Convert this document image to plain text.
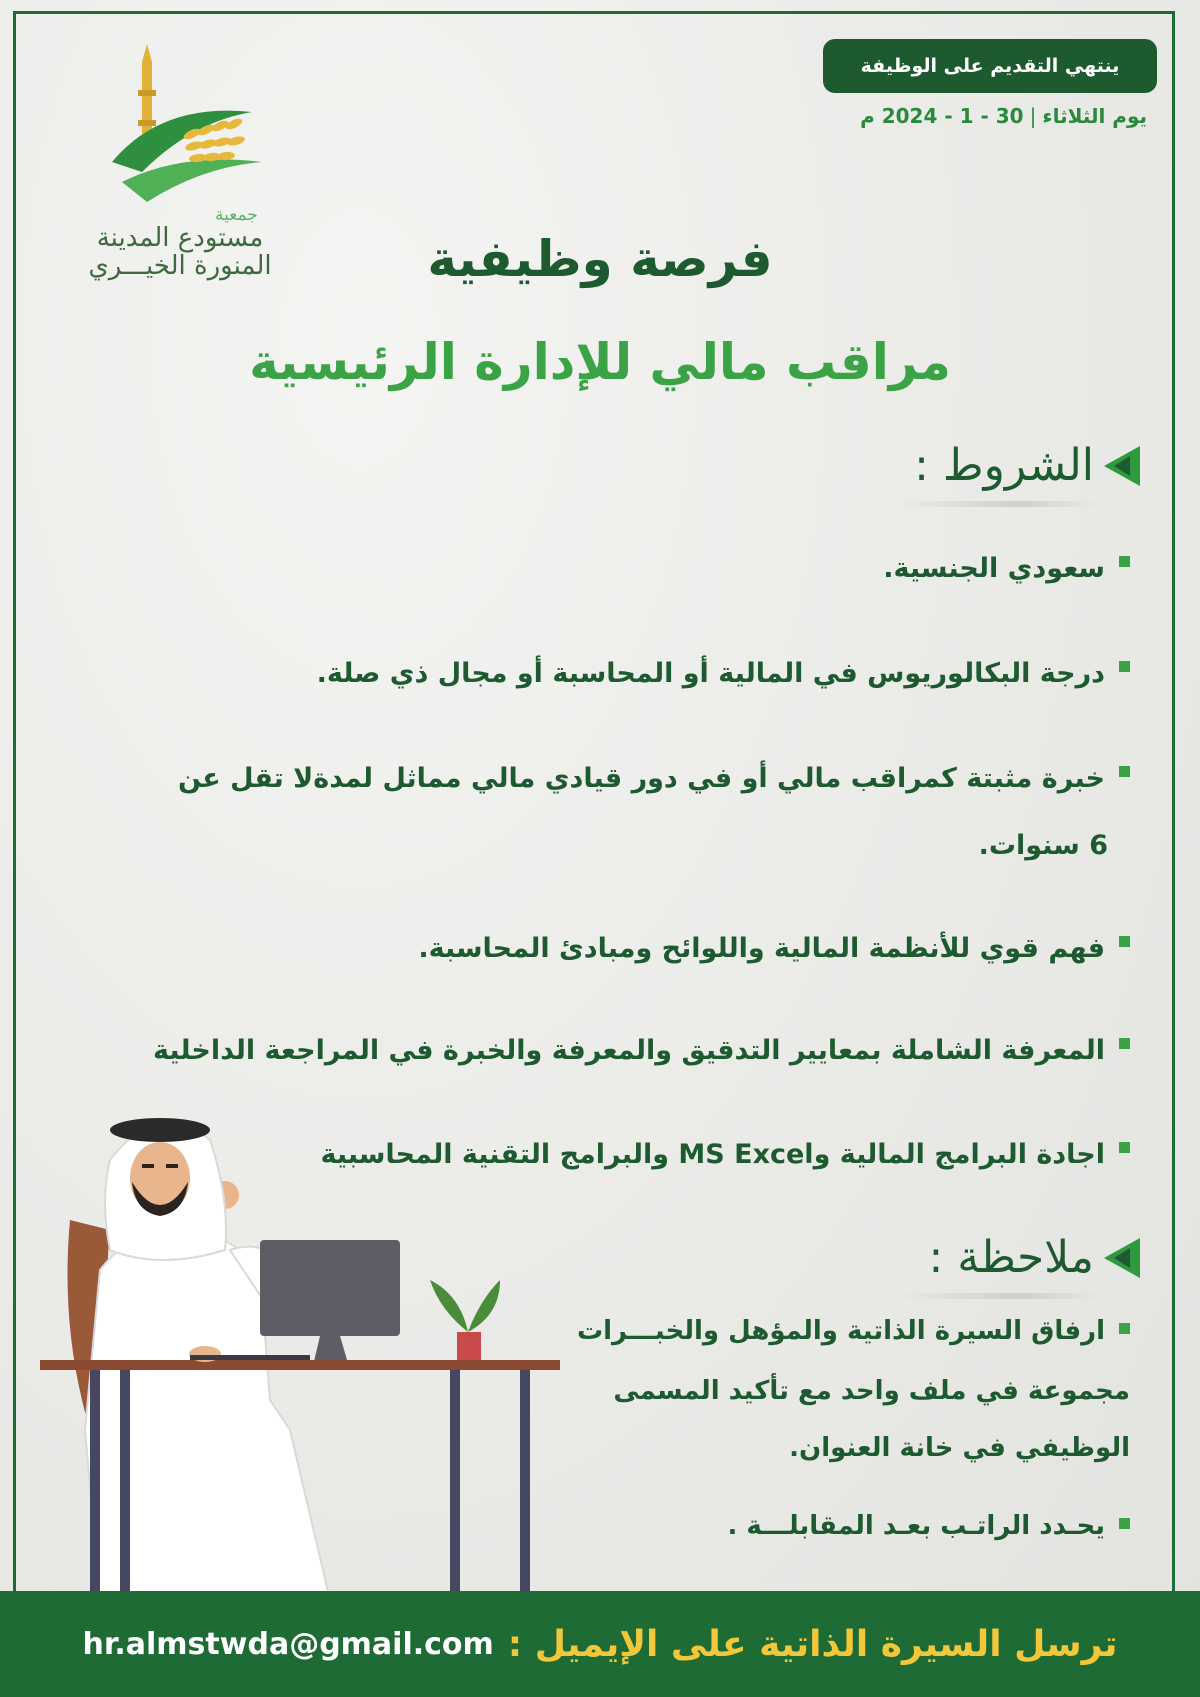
ينتهي التقديم على الوظيفة
يوم الثلاثاء
|
30 - 1 - 2024 م
جمعية
مستودع المدينة
المنورة الخيـــري	فرصة وظيفية
مراقب مالي للإدارة الرئيسية
الشروط :
سعودي الجنسية.
درجة البكالوريوس في المالية أو المحاسبة أو مجال ذي صلة.
خبرة مثبتة كمراقب مالي أو في دور قيادي مالي مماثل لمدةلا تقل عن
6 سنوات.
فهم قوي للأنظمة المالية واللوائح ومبادئ المحاسبة.
المعرفة الشاملة بمعايير التدقيق والمعرفة والخبرة في المراجعة الداخلية
اجادة البرامج المالية وMS Excel والبرامج التقنية المحاسبية
ملاحظة :
ارفاق السيرة الذاتية والمؤهل والخبـــرات
مجموعة في ملف واحد مع تأكيد المسمى
الوظيفي في خانة العنوان.
يحـدد الراتـب بعـد المقابلـــة .
ترسل السيرة الذاتية على الإيميل :
hr.almstwda@gmail.com
